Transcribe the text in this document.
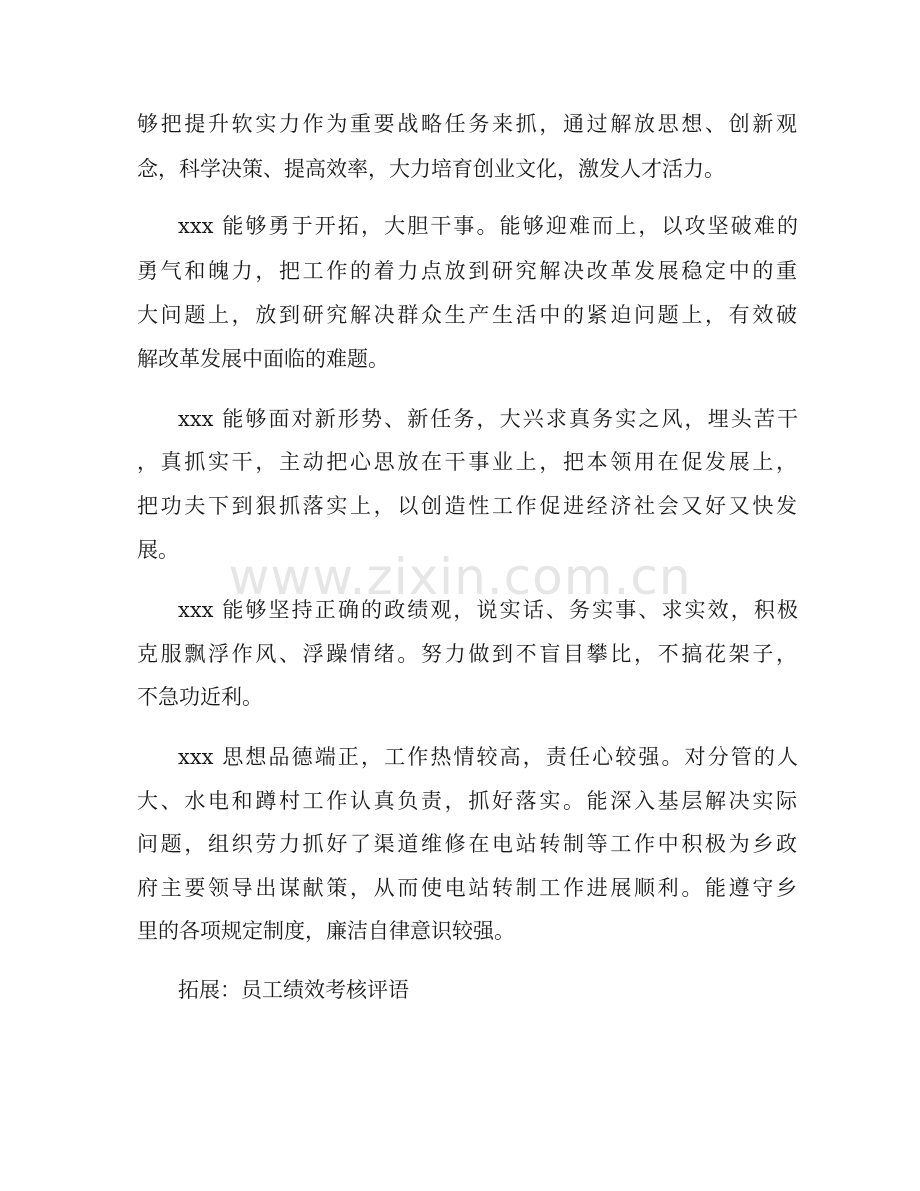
www.zixin.com.cn
够把提升软实力作为重要战略任务来抓，通过解放思想、创新观
念，科学决策、提高效率，大力培育创业文化，激发人才活力。
xxx 能够勇于开拓，大胆干事。能够迎难而上，以攻坚破难的
勇气和魄力，把工作的着力点放到研究解决改革发展稳定中的重
大问题上，放到研究解决群众生产生活中的紧迫问题上，有效破
解改革发展中面临的难题。
xxx 能够面对新形势、新任务，大兴求真务实之风，埋头苦干
，真抓实干，主动把心思放在干事业上，把本领用在促发展上，
把功夫下到狠抓落实上，以创造性工作促进经济社会又好又快发
展。
xxx 能够坚持正确的政绩观，说实话、务实事、求实效，积极
克服飘浮作风、浮躁情绪。努力做到不盲目攀比，不搞花架子，
不急功近利。
xxx 思想品德端正，工作热情较高，责任心较强。对分管的人
大、水电和蹲村工作认真负责，抓好落实。能深入基层解决实际
问题，组织劳力抓好了渠道维修在电站转制等工作中积极为乡政
府主要领导出谋献策，从而使电站转制工作进展顺利。能遵守乡
里的各项规定制度，廉洁自律意识较强。
拓展：员工绩效考核评语
